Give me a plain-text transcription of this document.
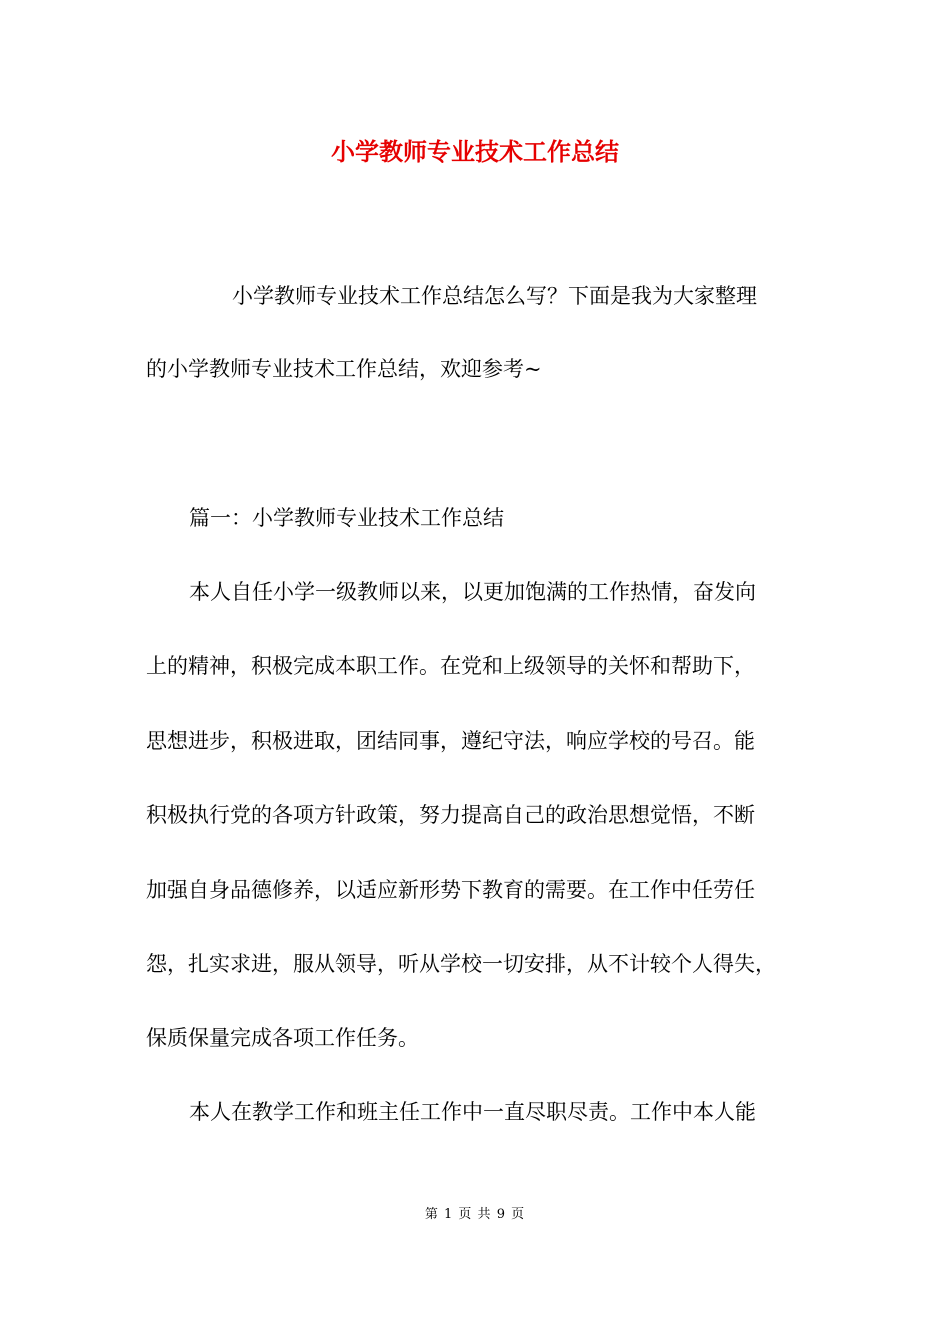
小学教师专业技术工作总结

小学教师专业技术工作总结怎么写？下面是我为大家整理

的小学教师专业技术工作总结，欢迎参考~

篇一：小学教师专业技术工作总结

本人自任小学一级教师以来，以更加饱满的工作热情，奋发向

上的精神，积极完成本职工作。在党和上级领导的关怀和帮助下，

思想进步，积极进取，团结同事，遵纪守法，响应学校的号召。能

积极执行党的各项方针政策，努力提高自己的政治思想觉悟，不断

加强自身品德修养，以适应新形势下教育的需要。在工作中任劳任

怨，扎实求进，服从领导，听从学校一切安排，从不计较个人得失，

保质保量完成各项工作任务。

本人在教学工作和班主任工作中一直尽职尽责。工作中本人能

第 1 页 共 9 页
